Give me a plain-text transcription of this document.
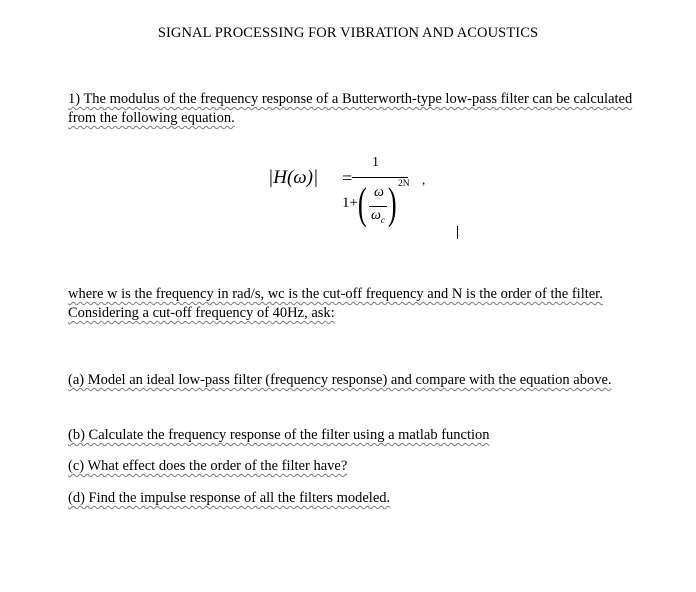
SIGNAL PROCESSING FOR VIBRATION AND ACOUSTICS
1) The modulus of the frequency response of a Butterworth-type low-pass filter can be calculated from the following equation.
|H(ω)| =
1
,
1+ ( ω
$\omega_c$ ) 2N
where w is the frequency in rad/s, wc is the cut-off frequency and N is the order of the filter. Considering a cut-off frequency of 40Hz, ask:
(a) Model an ideal low-pass filter (frequency response) and compare with the equation above.
(b) Calculate the frequency response of the filter using a matlab function
(c) What effect does the order of the filter have?
(d) Find the impulse response of all the filters modeled.
